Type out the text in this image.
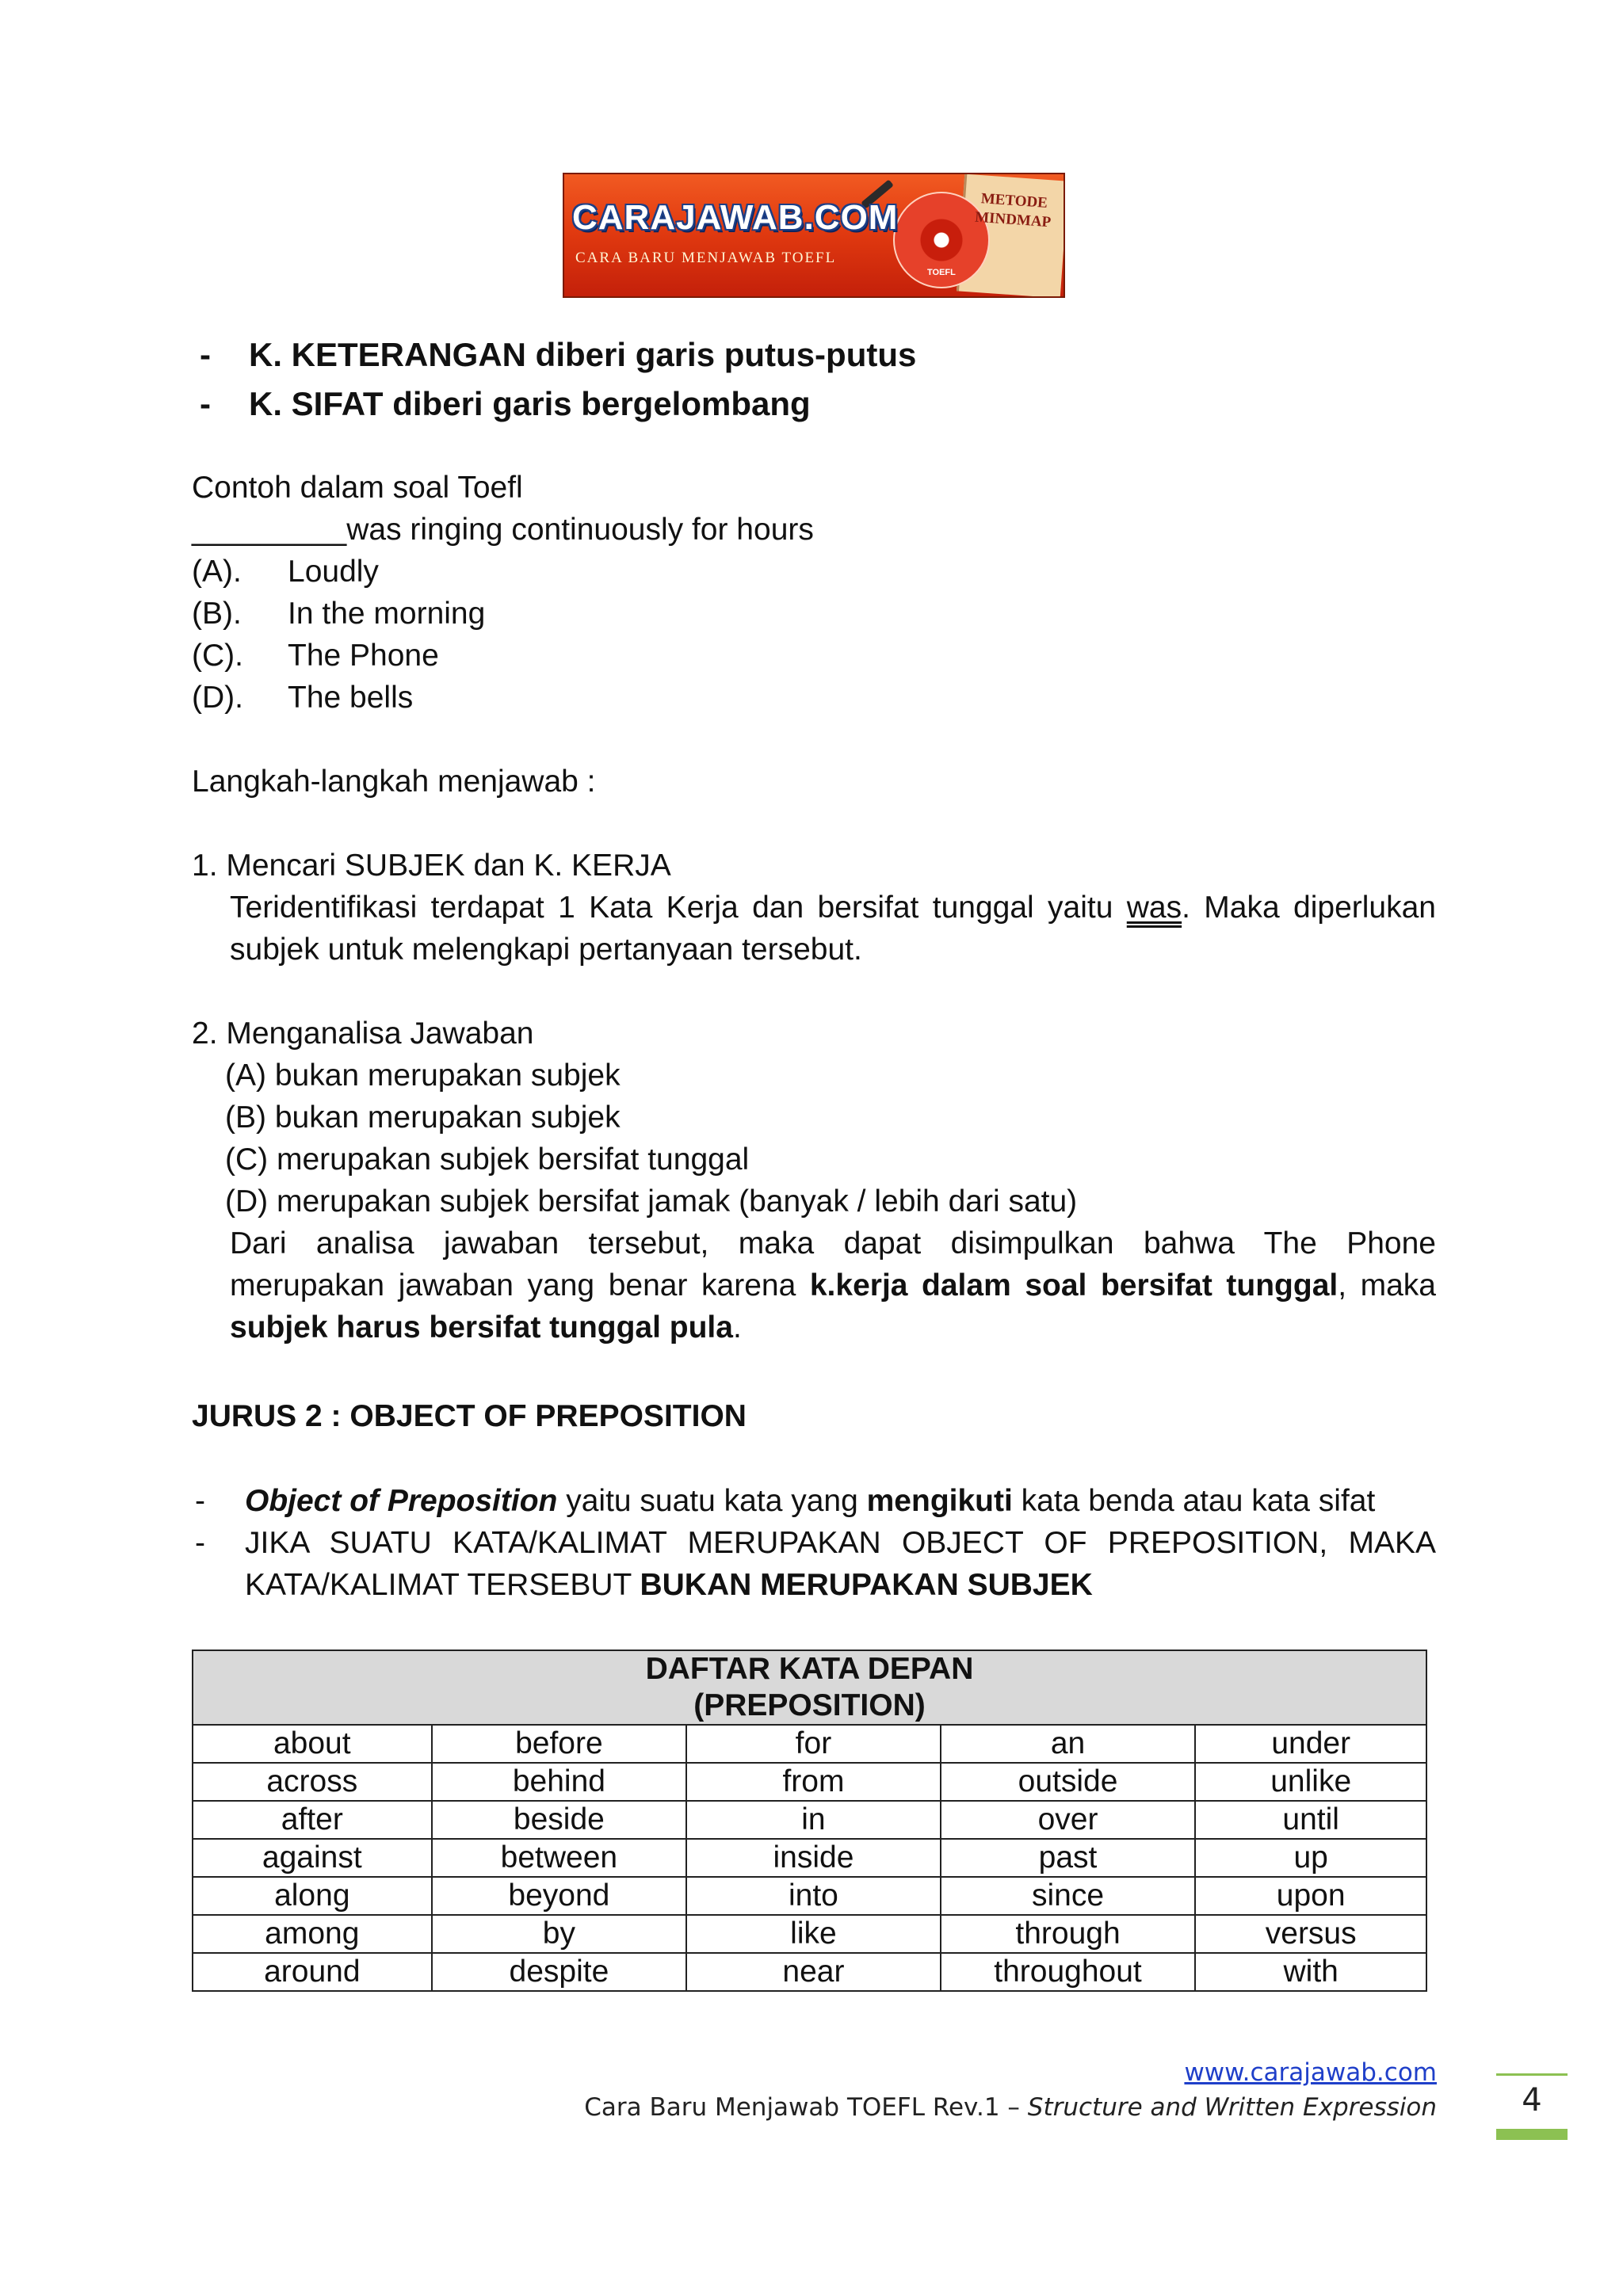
TOEFL
CARAJAWAB.COM
CARA BARU MENJAWAB TOEFL
METODE
MINDMAP
- K. KETERANGAN diberi garis putus-putus
- K. SIFAT diberi garis bergelombang
Contoh dalam soal Toefl
_________was ringing continuously for hours
(A). Loudly
(B). In the morning
(C). The Phone
(D). The bells
Langkah-langkah menjawab :
1. Mencari SUBJEK dan K. KERJA
Teridentifikasi terdapat 1 Kata Kerja dan bersifat tunggal yaitu was. Maka diperlukan
subjek untuk melengkapi pertanyaan tersebut.
2. Menganalisa Jawaban
(A) bukan merupakan subjek
(B) bukan merupakan subjek
(C) merupakan subjek bersifat tunggal
(D) merupakan subjek bersifat jamak (banyak / lebih dari satu)
Dari analisa jawaban tersebut, maka dapat disimpulkan bahwa The Phone
merupakan jawaban yang benar karena k.kerja dalam soal bersifat tunggal, maka
subjek harus bersifat tunggal pula.
JURUS 2 : OBJECT OF PREPOSITION
- Object of Preposition yaitu suatu kata yang mengikuti kata benda atau kata sifat
- JIKA SUATU KATA/KALIMAT MERUPAKAN OBJECT OF PREPOSITION, MAKA
KATA/KALIMAT TERSEBUT BUKAN MERUPAKAN SUBJEK
DAFTAR KATA DEPAN
(PREPOSITION)				

about	before	for	an	under
across	behind	from	outside	unlike
after	beside	in	over	until
against	between	inside	past	up
along	beyond	into	since	upon
among	by	like	through	versus
around	despite	near	throughout	with
www.carajawab.com
Cara Baru Menjawab TOEFL Rev.1 – Structure and Written Expression	4
